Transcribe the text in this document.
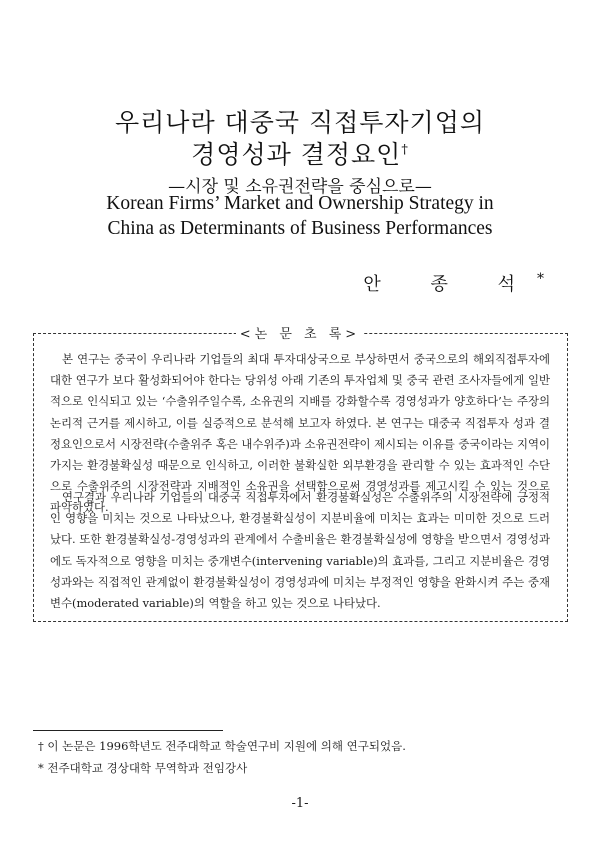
우리나라 대중국 직접투자기업의
경영성과 결정요인†
—시장 및 소유권전략을 중심으로—
Korean Firms’ Market and Ownership Strategy in
China as Determinants of Business Performances
안 종 석*
<논 문 초 록>

본 연구는 중국이 우리나라 기업들의 최대 투자대상국으로 부상하면서 중국으로의 해외직접투자에 대한 연구가 보다 활성화되어야 한다는 당위성 아래 기존의 투자업체 및 중국 관련 조사자들에게 일반적으로 인식되고 있는 ‘수출위주일수록, 소유권의 지배를 강화할수록 경영성과가 양호하다’는 주장의 논리적 근거를 제시하고, 이를 실증적으로 분석해 보고자 하였다. 본 연구는 대중국 직접투자 성과 결정요인으로서 시장전략(수출위주 혹은 내수위주)과 소유권전략이 제시되는 이유를 중국이라는 지역이 가지는 환경불확실성 때문으로 인식하고, 이러한 불확실한 외부환경을 관리할 수 있는 효과적인 수단으로 수출위주의 시장전략과 지배적인 소유권을 선택함으로써 경영성과를 제고시킬 수 있는 것으로 파악하였다.

연구결과 우리나라 기업들의 대중국 직접투자에서 환경불확실성은 수출위주의 시장전략에 긍정적인 영향을 미치는 것으로 나타났으나, 환경불확실성이 지분비율에 미치는 효과는 미미한 것으로 드러났다. 또한 환경불확실성-경영성과의 관계에서 수출비율은 환경불확실성에 영향을 받으면서 경영성과에도 독자적으로 영향을 미치는 중개변수(intervening variable)의 효과를, 그리고 지분비율은 경영성과와는 직접적인 관계없이 환경불확실성이 경영성과에 미치는 부정적인 영향을 완화시켜 주는 중재변수(moderated variable)의 역할을 하고 있는 것으로 나타났다.

† 이 논문은 1996학년도 전주대학교 학술연구비 지원에 의해 연구되었음.
* 전주대학교 경상대학 무역학과 전임강사
-1-
